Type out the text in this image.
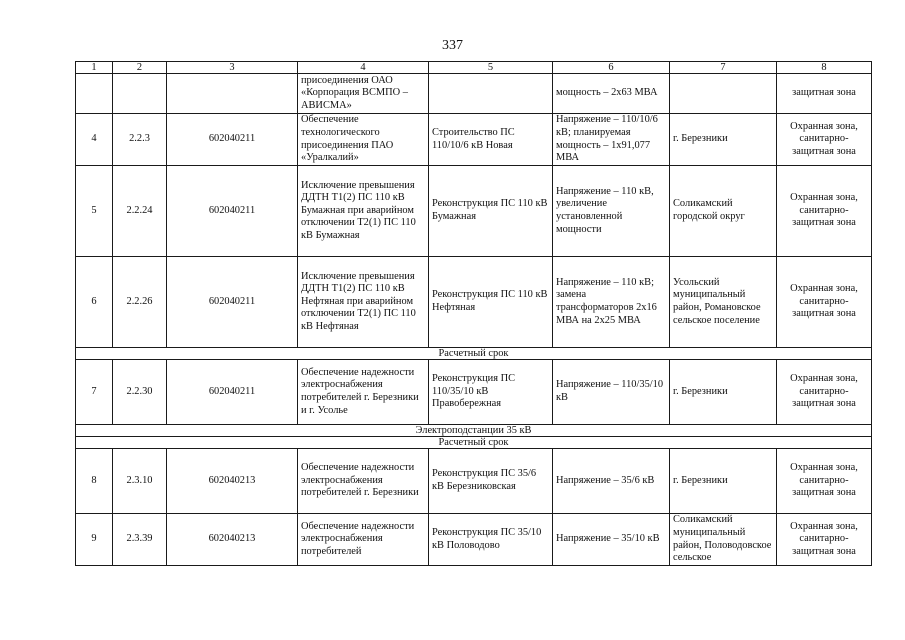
337
1	2	3	4	5	6	7	8
			присоединения ОАО «Корпорация ВСМПО – АВИСМА»		мощность – 2х63 МВА		защитная зона
4	2.2.3	602040211	Обеспечение технологического присоединения ПАО «Уралкалий»	Строительство ПС 110/10/6 кВ Новая	Напряжение – 110/10/6 кВ; планируемая мощность – 1х91,077 МВА	г. Березники	Охранная зона, санитарно-защитная зона
5	2.2.24	602040211	Исключение превышения ДДТН Т1(2) ПС 110 кВ Бумажная при аварийном отключении Т2(1) ПС 110 кВ Бумажная	Реконструкция ПС 110 кВ Бумажная	Напряжение – 110 кВ, увеличение установленной мощности	Соликамский городской округ	Охранная зона, санитарно-защитная зона
6	2.2.26	602040211	Исключение превышения ДДТН Т1(2) ПС 110 кВ Нефтяная при аварийном отключении Т2(1) ПС 110 кВ Нефтяная	Реконструкция ПС 110 кВ Нефтяная	Напряжение – 110 кВ; замена трансформаторов 2х16 МВА на 2х25 МВА	Усольский муниципальный район, Романовское сельское поселение	Охранная зона, санитарно-защитная зона
Расчетный срок							
7	2.2.30	602040211	Обеспечение надежности электроснабжения потребителей г. Березники и г. Усолье	Реконструкция ПС 110/35/10 кВ Правобережная	Напряжение – 110/35/10 кВ	г. Березники	Охранная зона, санитарно-защитная зона
Электроподстанции 35 кВ							
Расчетный срок							
8	2.3.10	602040213	Обеспечение надежности электроснабжения потребителей г. Березники	Реконструкция ПС 35/6 кВ Березниковская	Напряжение – 35/6 кВ	г. Березники	Охранная зона, санитарно-защитная зона
9	2.3.39	602040213	Обеспечение надежности электроснабжения потребителей	Реконструкция ПС 35/10 кВ Половодово	Напряжение – 35/10 кВ	Соликамский муниципальный район, Половодовское сельское	Охранная зона, санитарно-защитная зона
